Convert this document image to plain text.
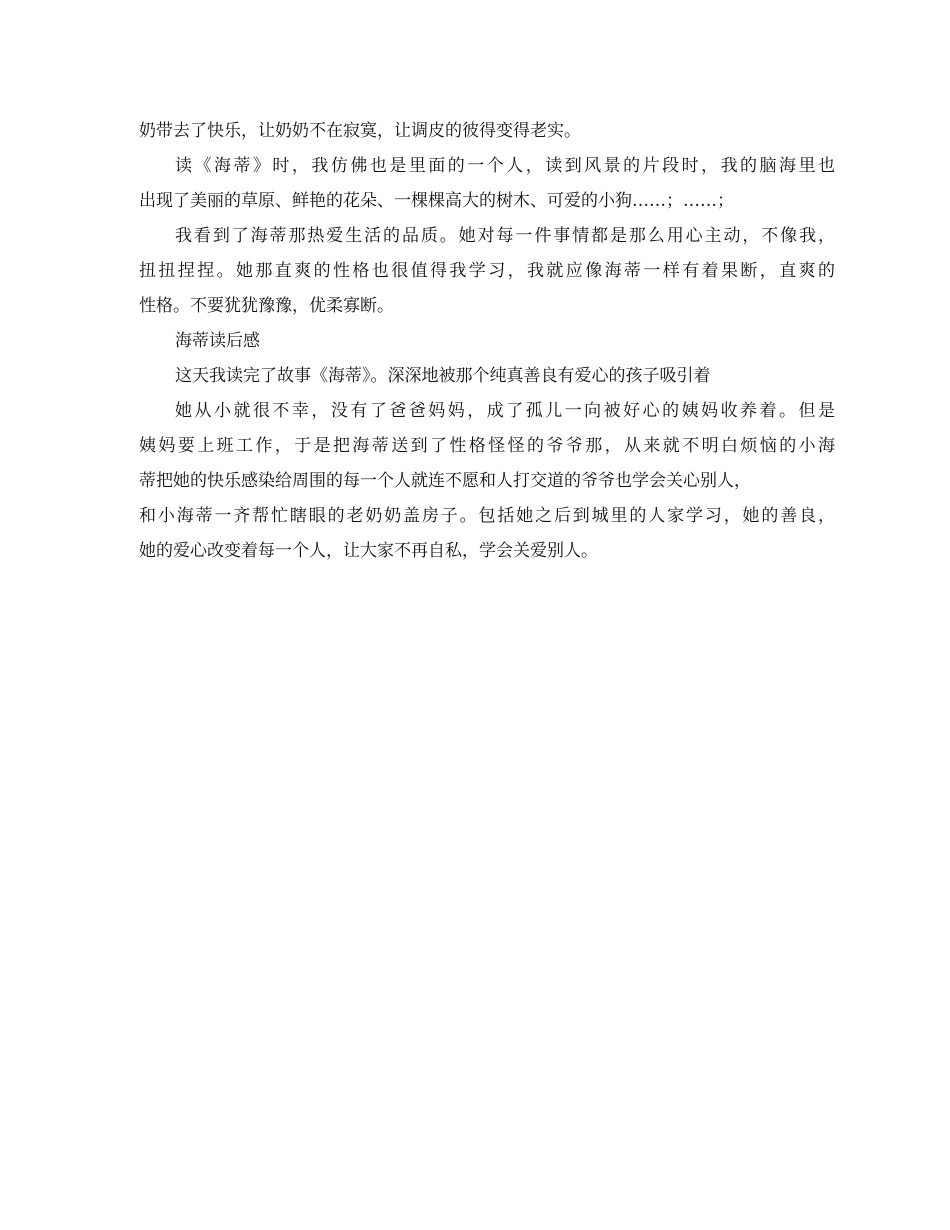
奶带去了快乐，让奶奶不在寂寞，让调皮的彼得变得老实。
读《海蒂》时，我仿佛也是里面的一个人，读到风景的片段时，我的脑海里也
出现了美丽的草原、鲜艳的花朵、一棵棵高大的树木、可爱的小狗……；……；
我看到了海蒂那热爱生活的品质。她对每一件事情都是那么用心主动，不像我，
扭扭捏捏。她那直爽的性格也很值得我学习，我就应像海蒂一样有着果断，直爽的
性格。不要犹犹豫豫，优柔寡断。
海蒂读后感
这天我读完了故事《海蒂》。深深地被那个纯真善良有爱心的孩子吸引着
她从小就很不幸，没有了爸爸妈妈，成了孤儿一向被好心的姨妈收养着。但是
姨妈要上班工作，于是把海蒂送到了性格怪怪的爷爷那，从来就不明白烦恼的小海
蒂把她的快乐感染给周围的每一个人就连不愿和人打交道的爷爷也学会关心别人，
和小海蒂一齐帮忙瞎眼的老奶奶盖房子。包括她之后到城里的人家学习，她的善良，
她的爱心改变着每一个人，让大家不再自私，学会关爱别人。
